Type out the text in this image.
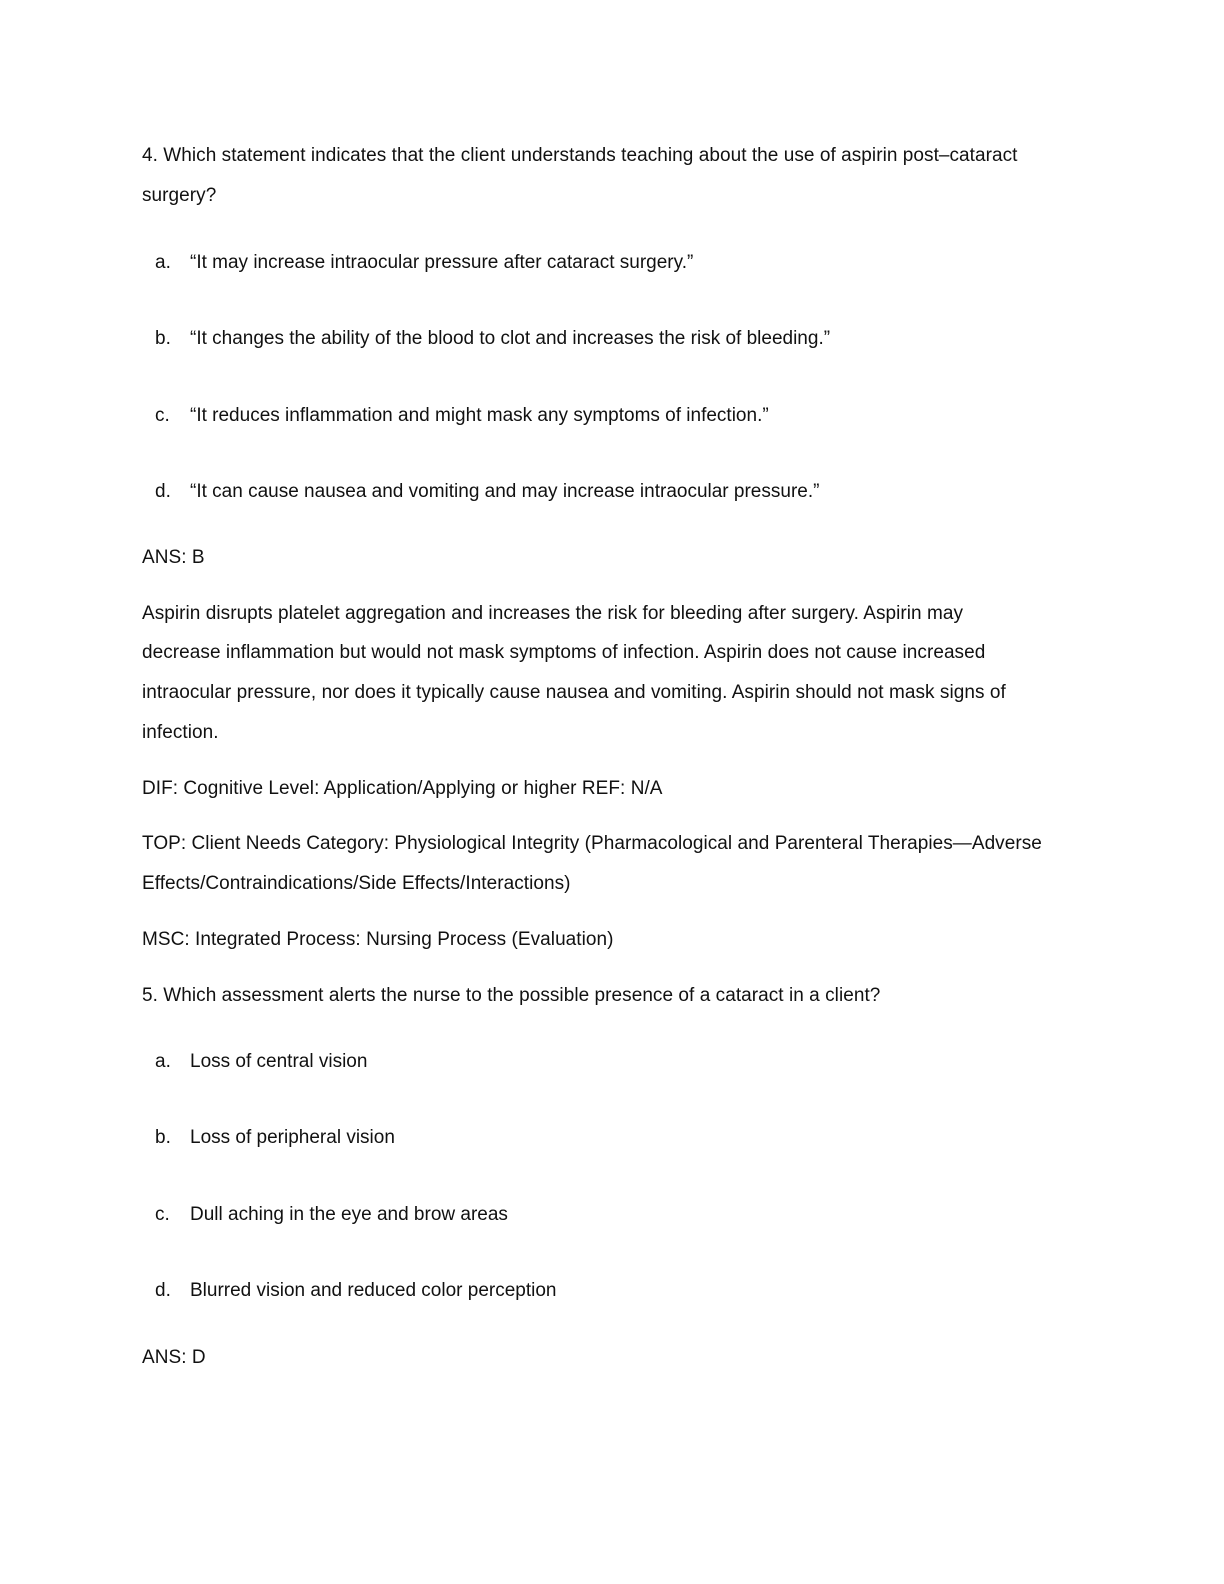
4. Which statement indicates that the client understands teaching about the use of aspirin post–cataract
surgery?
a. “It may increase intraocular pressure after cataract surgery.”
b. “It changes the ability of the blood to clot and increases the risk of bleeding.”
c. “It reduces inflammation and might mask any symptoms of infection.”
d. “It can cause nausea and vomiting and may increase intraocular pressure.”
ANS: B
Aspirin disrupts platelet aggregation and increases the risk for bleeding after surgery. Aspirin may
decrease inflammation but would not mask symptoms of infection. Aspirin does not cause increased
intraocular pressure, nor does it typically cause nausea and vomiting. Aspirin should not mask signs of
infection.
DIF: Cognitive Level: Application/Applying or higher REF: N/A
TOP: Client Needs Category: Physiological Integrity (Pharmacological and Parenteral Therapies—Adverse
Effects/Contraindications/Side Effects/Interactions)
MSC: Integrated Process: Nursing Process (Evaluation)
5. Which assessment alerts the nurse to the possible presence of a cataract in a client?
a. Loss of central vision
b. Loss of peripheral vision
c. Dull aching in the eye and brow areas
d. Blurred vision and reduced color perception
ANS: D
